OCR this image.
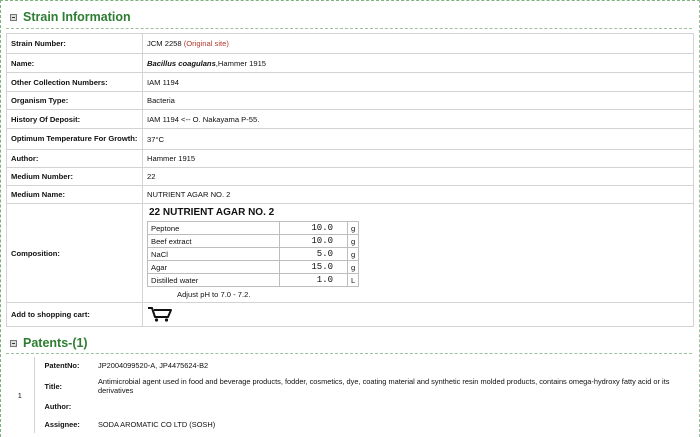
Strain Information
Strain Number:	JCM 2258 (Original site)
Name:	Bacillus coagulans,Hammer 1915
Other Collection Numbers:	IAM 1194
Organism Type:	Bacteria
History Of Deposit:	IAM 1194 <-- O. Nakayama P-55.
Optimum Temperature For Growth:	37°C
Author:	Hammer 1915
Medium Number:	22
Medium Name:	NUTRIENT AGAR NO. 2
Composition:	
22 NUTRIENT AGAR NO. 2
Peptone	10.0	g
Beef extract	10.0	g
NaCl	5.0	g
Agar	15.0	g
Distilled water	1.0	L
Adjust pH to 7.0 - 7.2.

Add to shopping cart:	
Patents-(1)
1	PatentNo:	JP2004099520-A, JP4475624-B2
	Title:	Antimicrobial agent used in food and beverage products, fodder, cosmetics, dye, coating material and synthetic resin molded products, contains omega-hydroxy fatty acid or its derivatives
	Author:	
	Assignee:	SODA AROMATIC CO LTD (SOSH)
